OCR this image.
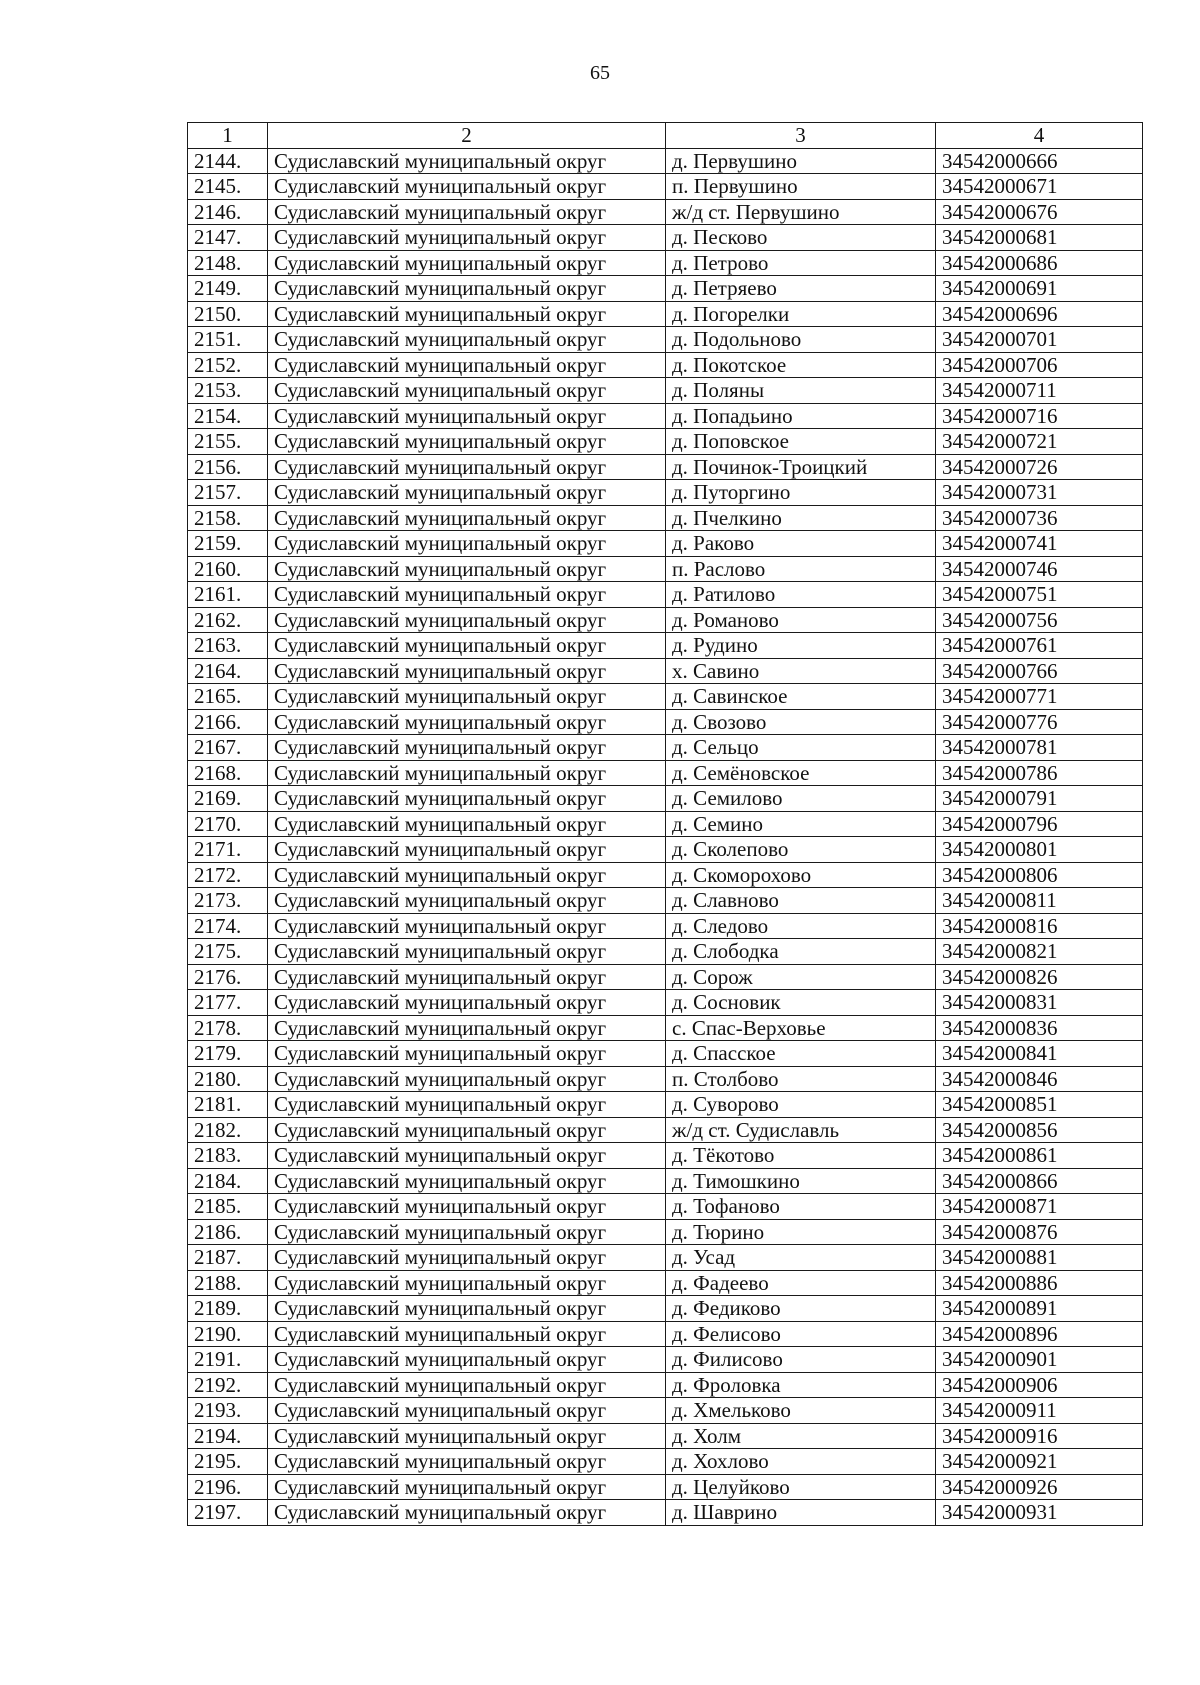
65
1	2	3	4
2144.	Судиславский муниципальный округ	д. Первушино	34542000666
2145.	Судиславский муниципальный округ	п. Первушино	34542000671
2146.	Судиславский муниципальный округ	ж/д ст. Первушино	34542000676
2147.	Судиславский муниципальный округ	д. Песково	34542000681
2148.	Судиславский муниципальный округ	д. Петрово	34542000686
2149.	Судиславский муниципальный округ	д. Петряево	34542000691
2150.	Судиславский муниципальный округ	д. Погорелки	34542000696
2151.	Судиславский муниципальный округ	д. Подольново	34542000701
2152.	Судиславский муниципальный округ	д. Покотское	34542000706
2153.	Судиславский муниципальный округ	д. Поляны	34542000711
2154.	Судиславский муниципальный округ	д. Попадьино	34542000716
2155.	Судиславский муниципальный округ	д. Поповское	34542000721
2156.	Судиславский муниципальный округ	д. Починок-Троицкий	34542000726
2157.	Судиславский муниципальный округ	д. Путоргино	34542000731
2158.	Судиславский муниципальный округ	д. Пчелкино	34542000736
2159.	Судиславский муниципальный округ	д. Раково	34542000741
2160.	Судиславский муниципальный округ	п. Раслово	34542000746
2161.	Судиславский муниципальный округ	д. Ратилово	34542000751
2162.	Судиславский муниципальный округ	д. Романово	34542000756
2163.	Судиславский муниципальный округ	д. Рудино	34542000761
2164.	Судиславский муниципальный округ	х. Савино	34542000766
2165.	Судиславский муниципальный округ	д. Савинское	34542000771
2166.	Судиславский муниципальный округ	д. Свозово	34542000776
2167.	Судиславский муниципальный округ	д. Сельцо	34542000781
2168.	Судиславский муниципальный округ	д. Семёновское	34542000786
2169.	Судиславский муниципальный округ	д. Семилово	34542000791
2170.	Судиславский муниципальный округ	д. Семино	34542000796
2171.	Судиславский муниципальный округ	д. Сколепово	34542000801
2172.	Судиславский муниципальный округ	д. Скоморохово	34542000806
2173.	Судиславский муниципальный округ	д. Славново	34542000811
2174.	Судиславский муниципальный округ	д. Следово	34542000816
2175.	Судиславский муниципальный округ	д. Слободка	34542000821
2176.	Судиславский муниципальный округ	д. Сорож	34542000826
2177.	Судиславский муниципальный округ	д. Сосновик	34542000831
2178.	Судиславский муниципальный округ	с. Спас-Верховье	34542000836
2179.	Судиславский муниципальный округ	д. Спасское	34542000841
2180.	Судиславский муниципальный округ	п. Столбово	34542000846
2181.	Судиславский муниципальный округ	д. Суворово	34542000851
2182.	Судиславский муниципальный округ	ж/д ст. Судиславль	34542000856
2183.	Судиславский муниципальный округ	д. Тёкотово	34542000861
2184.	Судиславский муниципальный округ	д. Тимошкино	34542000866
2185.	Судиславский муниципальный округ	д. Тофаново	34542000871
2186.	Судиславский муниципальный округ	д. Тюрино	34542000876
2187.	Судиславский муниципальный округ	д. Усад	34542000881
2188.	Судиславский муниципальный округ	д. Фадеево	34542000886
2189.	Судиславский муниципальный округ	д. Федиково	34542000891
2190.	Судиславский муниципальный округ	д. Фелисово	34542000896
2191.	Судиславский муниципальный округ	д. Филисово	34542000901
2192.	Судиславский муниципальный округ	д. Фроловка	34542000906
2193.	Судиславский муниципальный округ	д. Хмельково	34542000911
2194.	Судиславский муниципальный округ	д. Холм	34542000916
2195.	Судиславский муниципальный округ	д. Хохлово	34542000921
2196.	Судиславский муниципальный округ	д. Целуйково	34542000926
2197.	Судиславский муниципальный округ	д. Шаврино	34542000931
